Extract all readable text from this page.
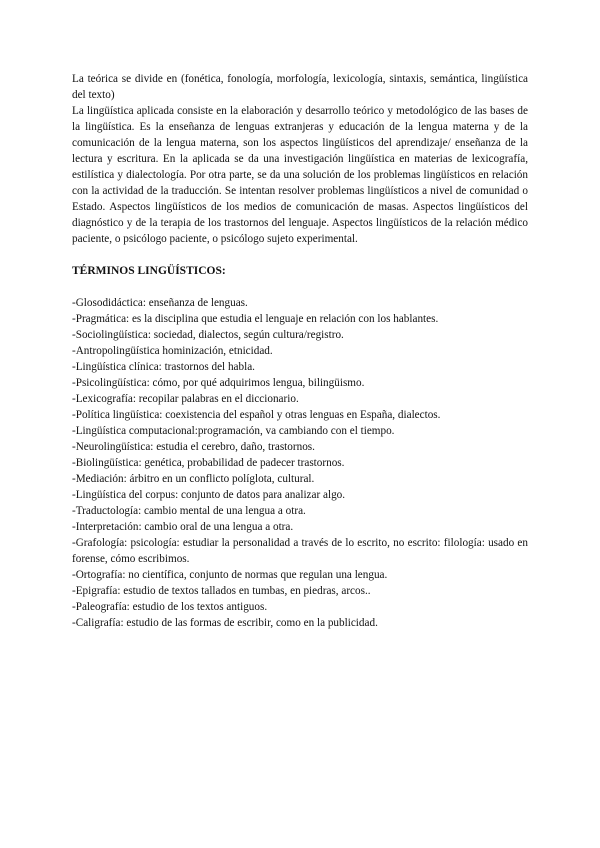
La teórica se divide en (fonética, fonología, morfología, lexicología, sintaxis, semántica, lingüística del texto)

La lingüística aplicada consiste en la elaboración y desarrollo teórico y metodológico de las bases de la lingüística. Es la enseñanza de lenguas extranjeras y educación de la lengua materna y de la comunicación de la lengua materna, son los aspectos lingüísticos del aprendizaje/ enseñanza de la lectura y escritura. En la aplicada se da una investigación lingüística en materias de lexicografía, estilística y dialectología. Por otra parte, se da una solución de los problemas lingüísticos en relación con la actividad de la traducción. Se intentan resolver problemas lingüísticos a nivel de comunidad o Estado. Aspectos lingüísticos de los medios de comunicación de masas. Aspectos lingüísticos del diagnóstico y de la terapia de los trastornos del lenguaje. Aspectos lingüísticos de la relación médico paciente, o psicólogo paciente, o psicólogo sujeto experimental.

TÉRMINOS LINGÜÍSTICOS:
-Glosodidáctica: enseñanza de lenguas.
-Pragmática: es la disciplina que estudia el lenguaje en relación con los hablantes.
-Sociolingüística: sociedad, dialectos, según cultura/registro.
-Antropolingüística hominización, etnicidad.
-Lingüística clínica: trastornos del habla.
-Psicolingüística: cómo, por qué adquirimos lengua, bilingüismo.
-Lexicografía: recopilar palabras en el diccionario.
-Política lingüística: coexistencia del español y otras lenguas en España, dialectos.
-Lingüística computacional:programación, va cambiando con el tiempo.
-Neurolingüística: estudia el cerebro, daño, trastornos.
-Biolingüística: genética, probabilidad de padecer trastornos.
-Mediación: árbitro en un conflicto políglota, cultural.
-Lingüística del corpus: conjunto de datos para analizar algo.
-Traductología: cambio mental de una lengua a otra.
-Interpretación: cambio oral de una lengua a otra.
-Grafología: psicología: estudiar la personalidad a través de lo escrito, no escrito: filología: usado en forense, cómo escribimos.
-Ortografía: no científica, conjunto de normas que regulan una lengua.
-Epigrafía: estudio de textos tallados en tumbas, en piedras, arcos..
-Paleografía: estudio de los textos antiguos.
-Caligrafía: estudio de las formas de escribir, como en la publicidad.
